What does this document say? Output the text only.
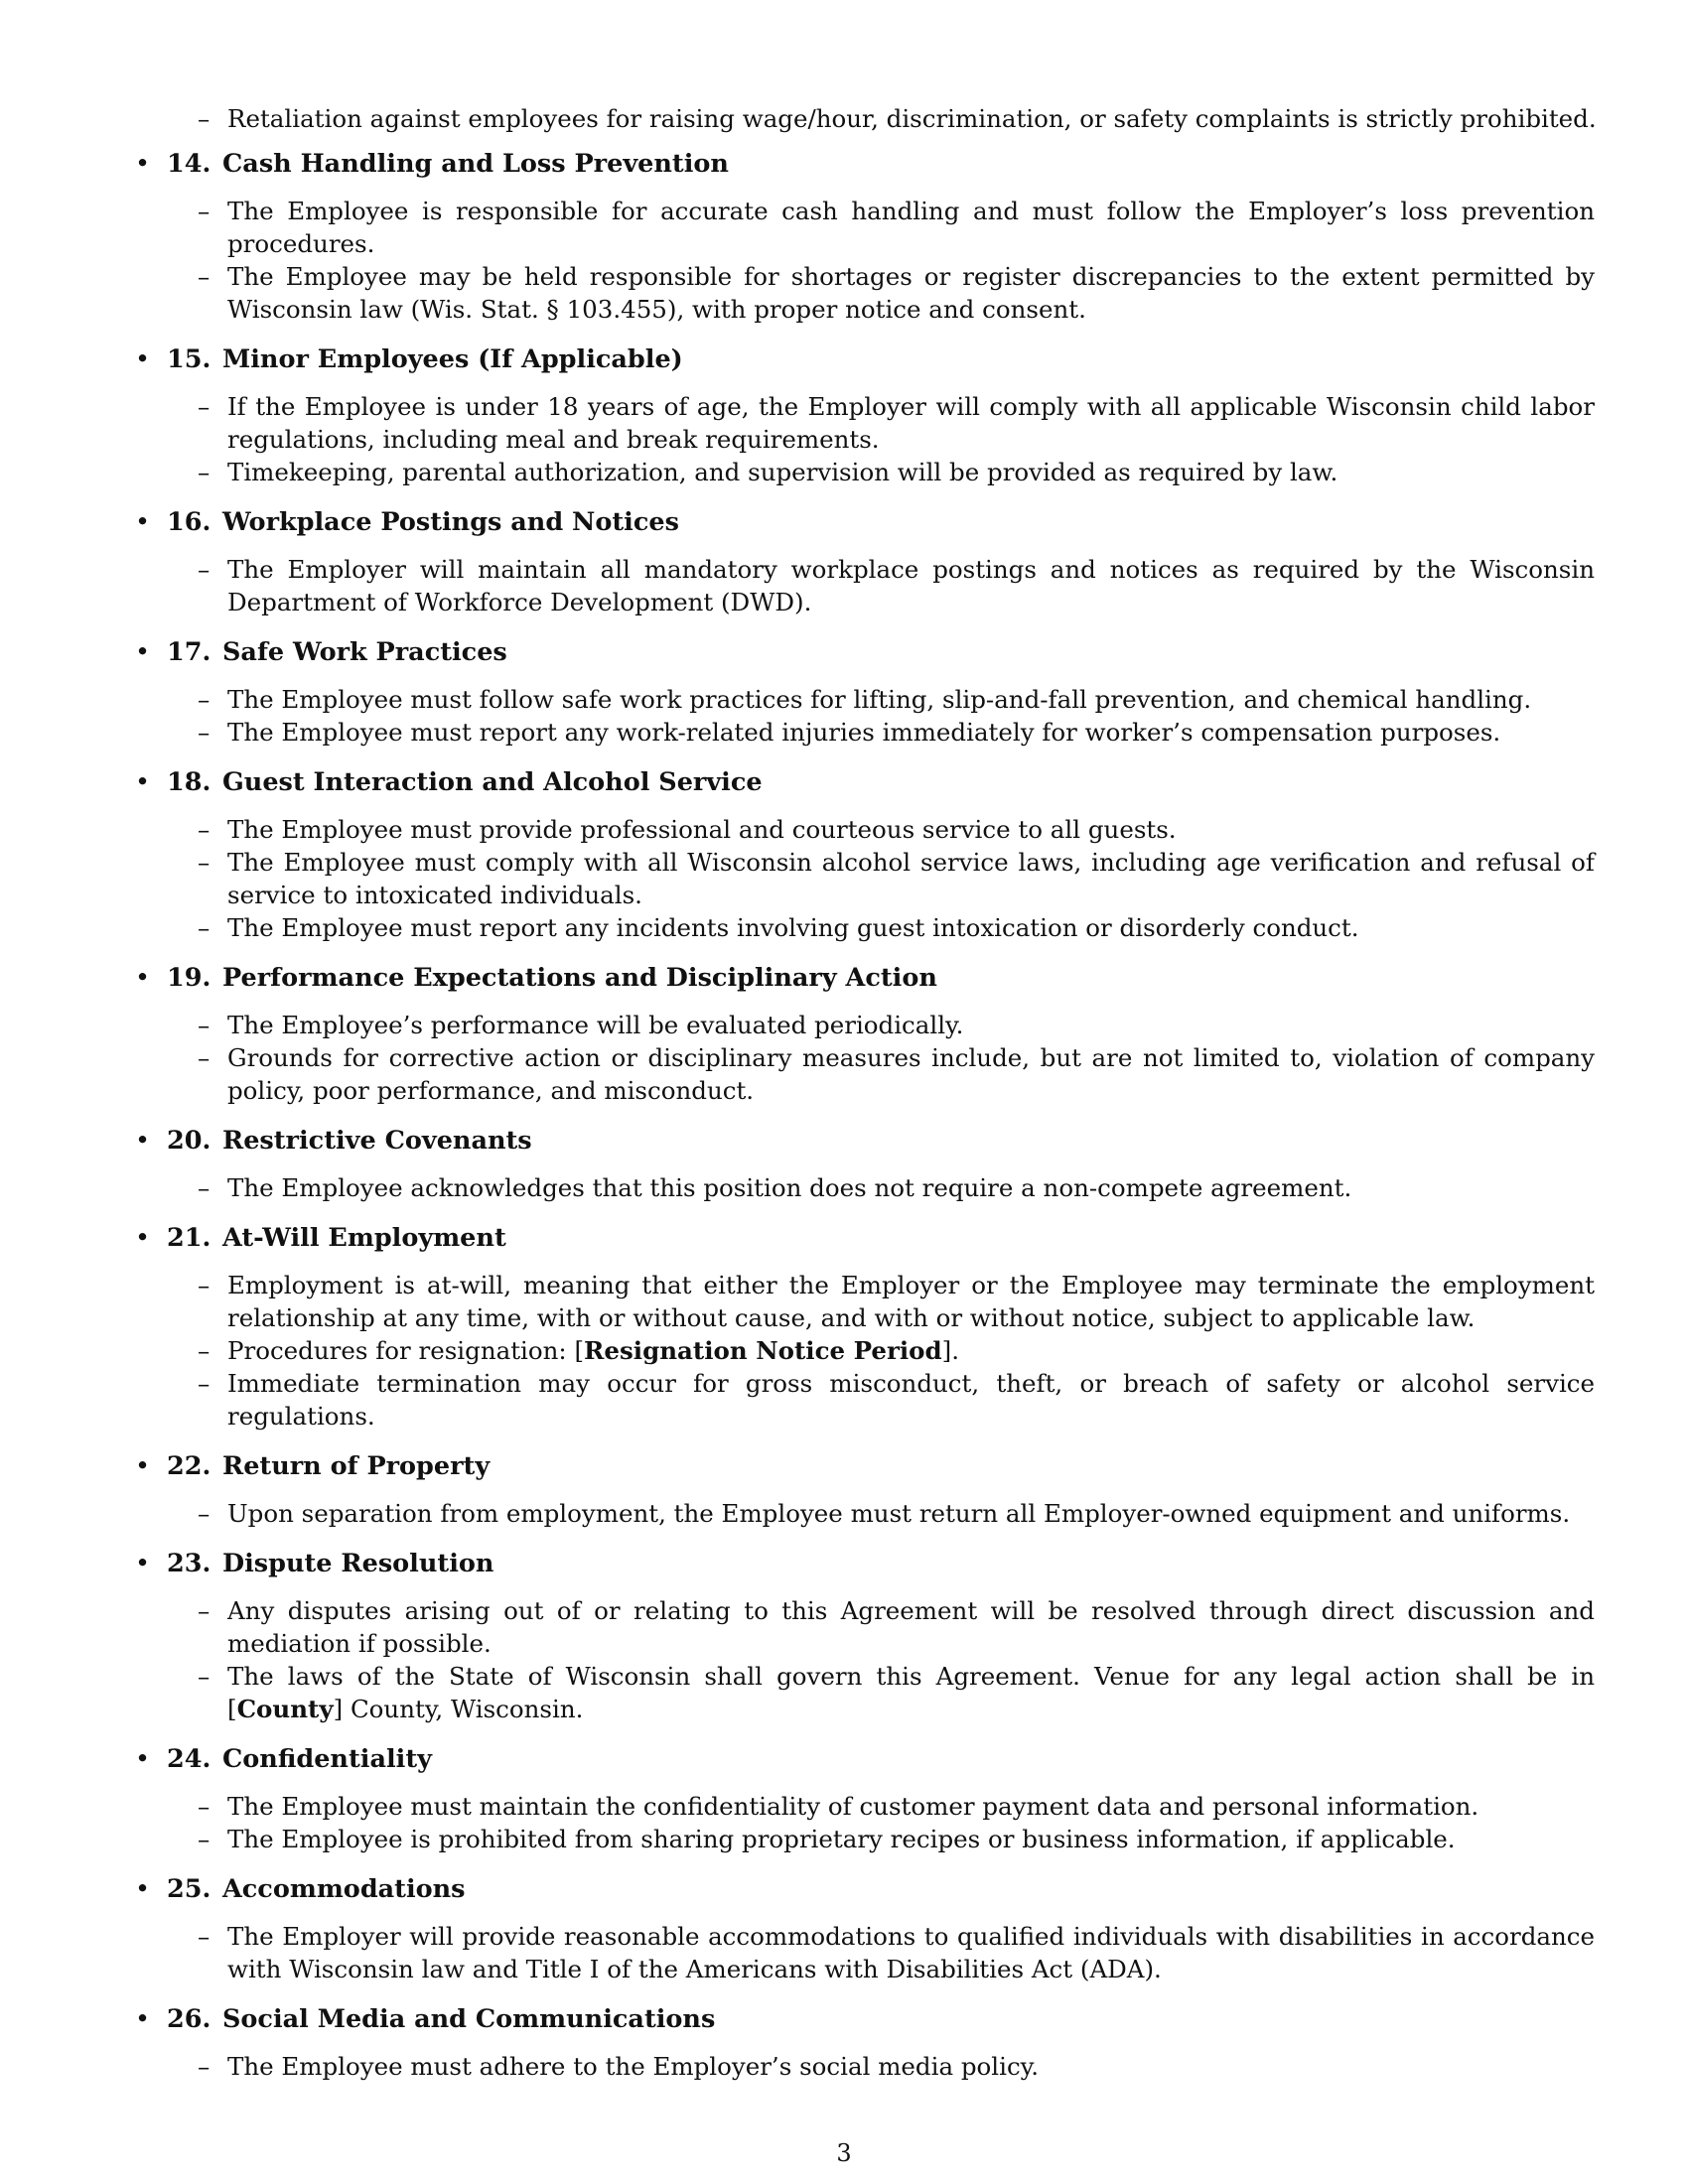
– Retaliation against employees for raising wage/hour, discrimination, or safety complaints is strictly prohibited.
• 14. Cash Handling and Loss Prevention
– The Employee is responsible for accurate cash handling and must follow the Employer’s loss prevention procedures.
– The Employee may be held responsible for shortages or register discrepancies to the extent permitted by Wisconsin law (Wis. Stat. § 103.455), with proper notice and consent.
• 15. Minor Employees (If Applicable)
– If the Employee is under 18 years of age, the Employer will comply with all applicable Wisconsin child labor regulations, including meal and break requirements.
– Timekeeping, parental authorization, and supervision will be provided as required by law.
• 16. Workplace Postings and Notices
– The Employer will maintain all mandatory workplace postings and notices as required by the Wisconsin Department of Workforce Development (DWD).
• 17. Safe Work Practices
– The Employee must follow safe work practices for lifting, slip-and-fall prevention, and chemical handling.
– The Employee must report any work-related injuries immediately for worker’s compensation purposes.
• 18. Guest Interaction and Alcohol Service
– The Employee must provide professional and courteous service to all guests.
– The Employee must comply with all Wisconsin alcohol service laws, including age verification and refusal of service to intoxicated individuals.
– The Employee must report any incidents involving guest intoxication or disorderly conduct.
• 19. Performance Expectations and Disciplinary Action
– The Employee’s performance will be evaluated periodically.
– Grounds for corrective action or disciplinary measures include, but are not limited to, violation of company policy, poor performance, and misconduct.
• 20. Restrictive Covenants
– The Employee acknowledges that this position does not require a non-compete agreement.
• 21. At-Will Employment
– Employment is at-will, meaning that either the Employer or the Employee may terminate the employment relationship at any time, with or without cause, and with or without notice, subject to applicable law.
– Procedures for resignation: [Resignation Notice Period].
– Immediate termination may occur for gross misconduct, theft, or breach of safety or alcohol service regulations.
• 22. Return of Property
– Upon separation from employment, the Employee must return all Employer-owned equipment and uniforms.
• 23. Dispute Resolution
– Any disputes arising out of or relating to this Agreement will be resolved through direct discussion and mediation if possible.
– The laws of the State of Wisconsin shall govern this Agreement. Venue for any legal action shall be in [County] County, Wisconsin.
• 24. Confidentiality
– The Employee must maintain the confidentiality of customer payment data and personal information.
– The Employee is prohibited from sharing proprietary recipes or business information, if applicable.
• 25. Accommodations
– The Employer will provide reasonable accommodations to qualified individuals with disabilities in accordance with Wisconsin law and Title I of the Americans with Disabilities Act (ADA).
• 26. Social Media and Communications
– The Employee must adhere to the Employer’s social media policy.
3
